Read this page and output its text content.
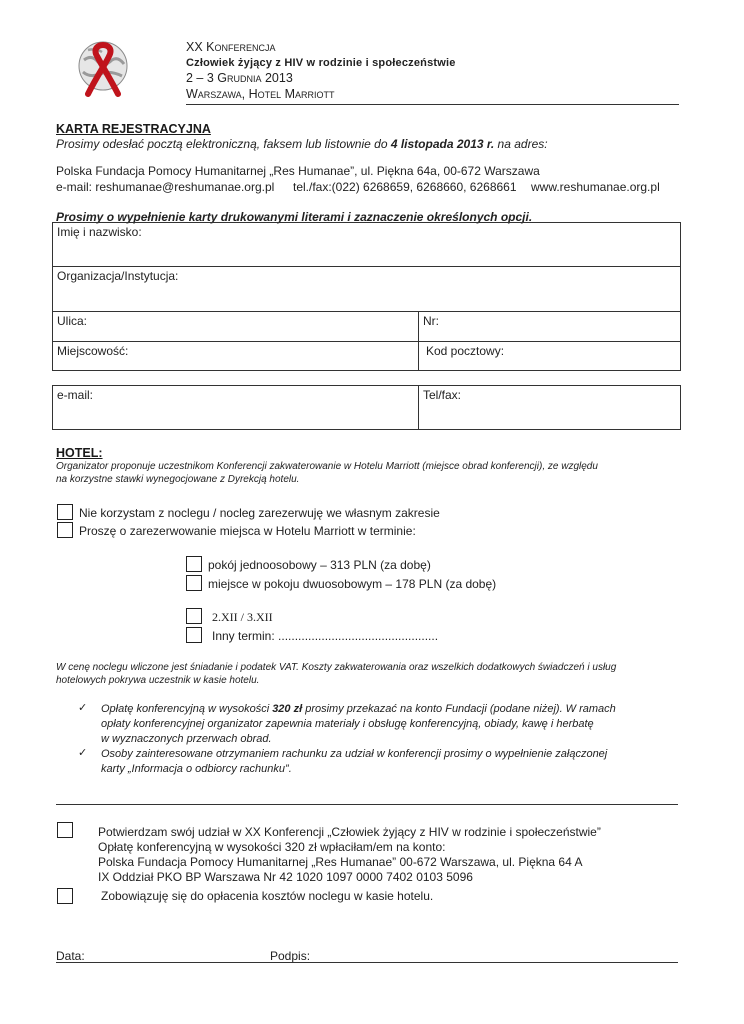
XX Konferencja
Człowiek żyjący z HIV w rodzinie i społeczeństwie
2 – 3 Grudnia 2013
Warszawa, Hotel Marriott
KARTA REJESTRACYJNA
Prosimy odesłać pocztą elektroniczną, faksem lub listownie do 4 listopada 2013 r. na adres:
Polska Fundacja Pomocy Humanitarnej „Res Humanae”, ul. Piękna 64a, 00-672 Warszawa
e-mail: reshumanae@reshumanae.org.pl tel./fax:(022) 6268659, 6268660, 6268661 www.reshumanae.org.pl
Prosimy o wypełnienie karty drukowanymi literami i zaznaczenie określonych opcji.
Imię i nazwisko:
Organizacja/Instytucja:
Ulica:	Nr:
Miejscowość:	Kod pocztowy:
e-mail:	Tel/fax:
HOTEL:
Organizator proponuje uczestnikom Konferencji zakwaterowanie w Hotelu Marriott (miejsce obrad konferencji), ze względu
na korzystne stawki wynegocjowane z Dyrekcją hotelu.
Nie korzystam z noclegu / nocleg zarezerwuję we własnym zakresie
Proszę o zarezerwowanie miejsca w Hotelu Marriott w terminie:
pokój jednoosobowy – 313 PLN (za dobę)
miejsce w pokoju dwuosobowym – 178 PLN (za dobę)
2.XII / 3.XII
Inny termin: ................................................
W cenę noclegu wliczone jest śniadanie i podatek VAT. Koszty zakwaterowania oraz wszelkich dodatkowych świadczeń i usług
hotelowych pokrywa uczestnik w kasie hotelu.
✓ Opłatę konferencyjną w wysokości 320 zł prosimy przekazać na konto Fundacji (podane niżej). W ramach
opłaty konferencyjnej organizator zapewnia materiały i obsługę konferencyjną, obiady, kawę i herbatę
w wyznaczonych przerwach obrad.
✓ Osoby zainteresowane otrzymaniem rachunku za udział w konferencji prosimy o wypełnienie załączonej
karty „Informacja o odbiorcy rachunku”.
Potwierdzam swój udział w XX Konferencji „Człowiek żyjący z HIV w rodzinie i społeczeństwie”
Opłatę konferencyjną w wysokości 320 zł wpłaciłam/em na konto:
Polska Fundacja Pomocy Humanitarnej „Res Humanae” 00-672 Warszawa, ul. Piękna 64 A
IX Oddział PKO BP Warszawa Nr 42 1020 1097 0000 7402 0103 5096
Zobowiązuję się do opłacenia kosztów noclegu w kasie hotelu.
Data:	Podpis:
